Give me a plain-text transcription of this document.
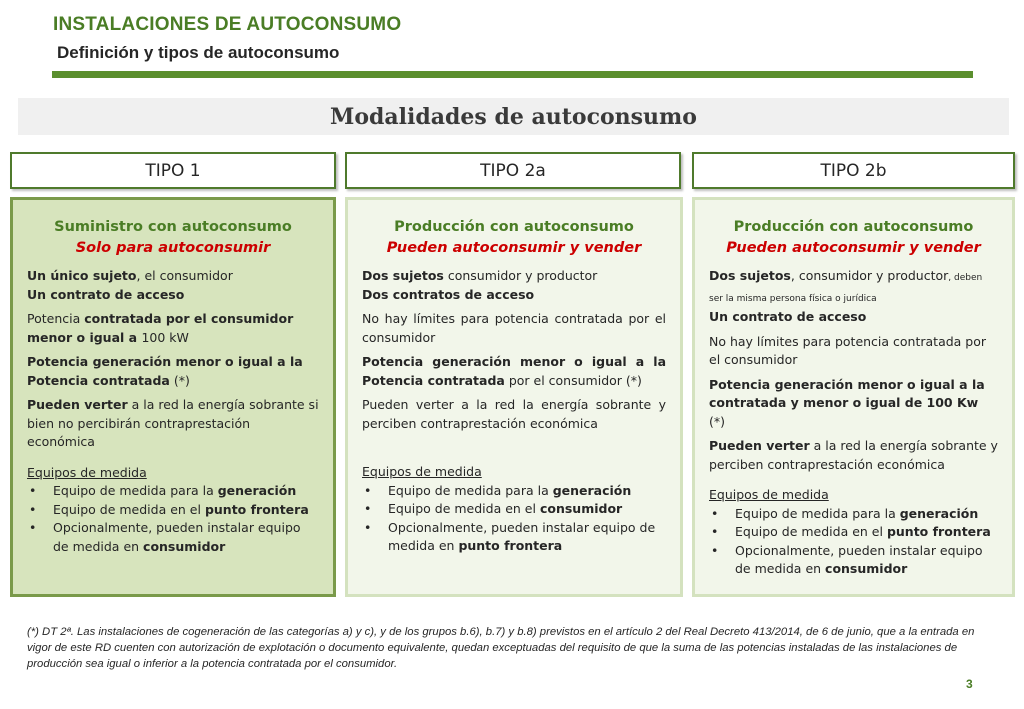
INSTALACIONES DE AUTOCONSUMO
Definición y tipos de autoconsumo
Modalidades de autoconsumo
TIPO 1	TIPO 2a	TIPO 2b
Suministro con autoconsumo
Solo para autoconsumir

Un único sujeto, el consumidor
Un contrato de acceso

Potencia contratada por el consumidor menor o igual a 100 kW

Potencia generación menor o igual a la Potencia contratada (*)

Pueden verter a la red la energía sobrante si bien no percibirán contraprestación económica

Equipos de medida
• Equipo de medida para la generación
• Equipo de medida en el punto frontera
• Opcionalmente, pueden instalar equipo de medida en consumidor
Producción con autoconsumo
Pueden autoconsumir y vender

Dos sujetos consumidor y productor
Dos contratos de acceso

No hay límites para potencia contratada por el consumidor

Potencia generación menor o igual a la Potencia contratada por el consumidor (*)

Pueden verter a la red la energía sobrante y perciben contraprestación económica

Equipos de medida
• Equipo de medida para la generación
• Equipo de medida en el consumidor
• Opcionalmente, pueden instalar equipo de medida en punto frontera
Producción con autoconsumo
Pueden autoconsumir y vender

Dos sujetos, consumidor y productor, deben ser la misma persona física o jurídica
Un contrato de acceso

No hay límites para potencia contratada por el consumidor

Potencia generación menor o igual a la contratada y menor o igual de 100 Kw (*)

Pueden verter a la red la energía sobrante y perciben contraprestación económica

Equipos de medida
• Equipo de medida para la generación
• Equipo de medida en el punto frontera
• Opcionalmente, pueden instalar equipo de medida en consumidor
(*) DT 2ª. Las instalaciones de cogeneración de las categorías a) y c), y de los grupos b.6), b.7) y b.8) previstos en el artículo 2 del Real Decreto 413/2014, de 6 de junio, que a la entrada en vigor de este RD cuenten con autorización de explotación o documento equivalente, quedan exceptuadas del requisito de que la suma de las potencias instaladas de las instalaciones de producción sea igual o inferior a la potencia contratada por el consumidor.
3
